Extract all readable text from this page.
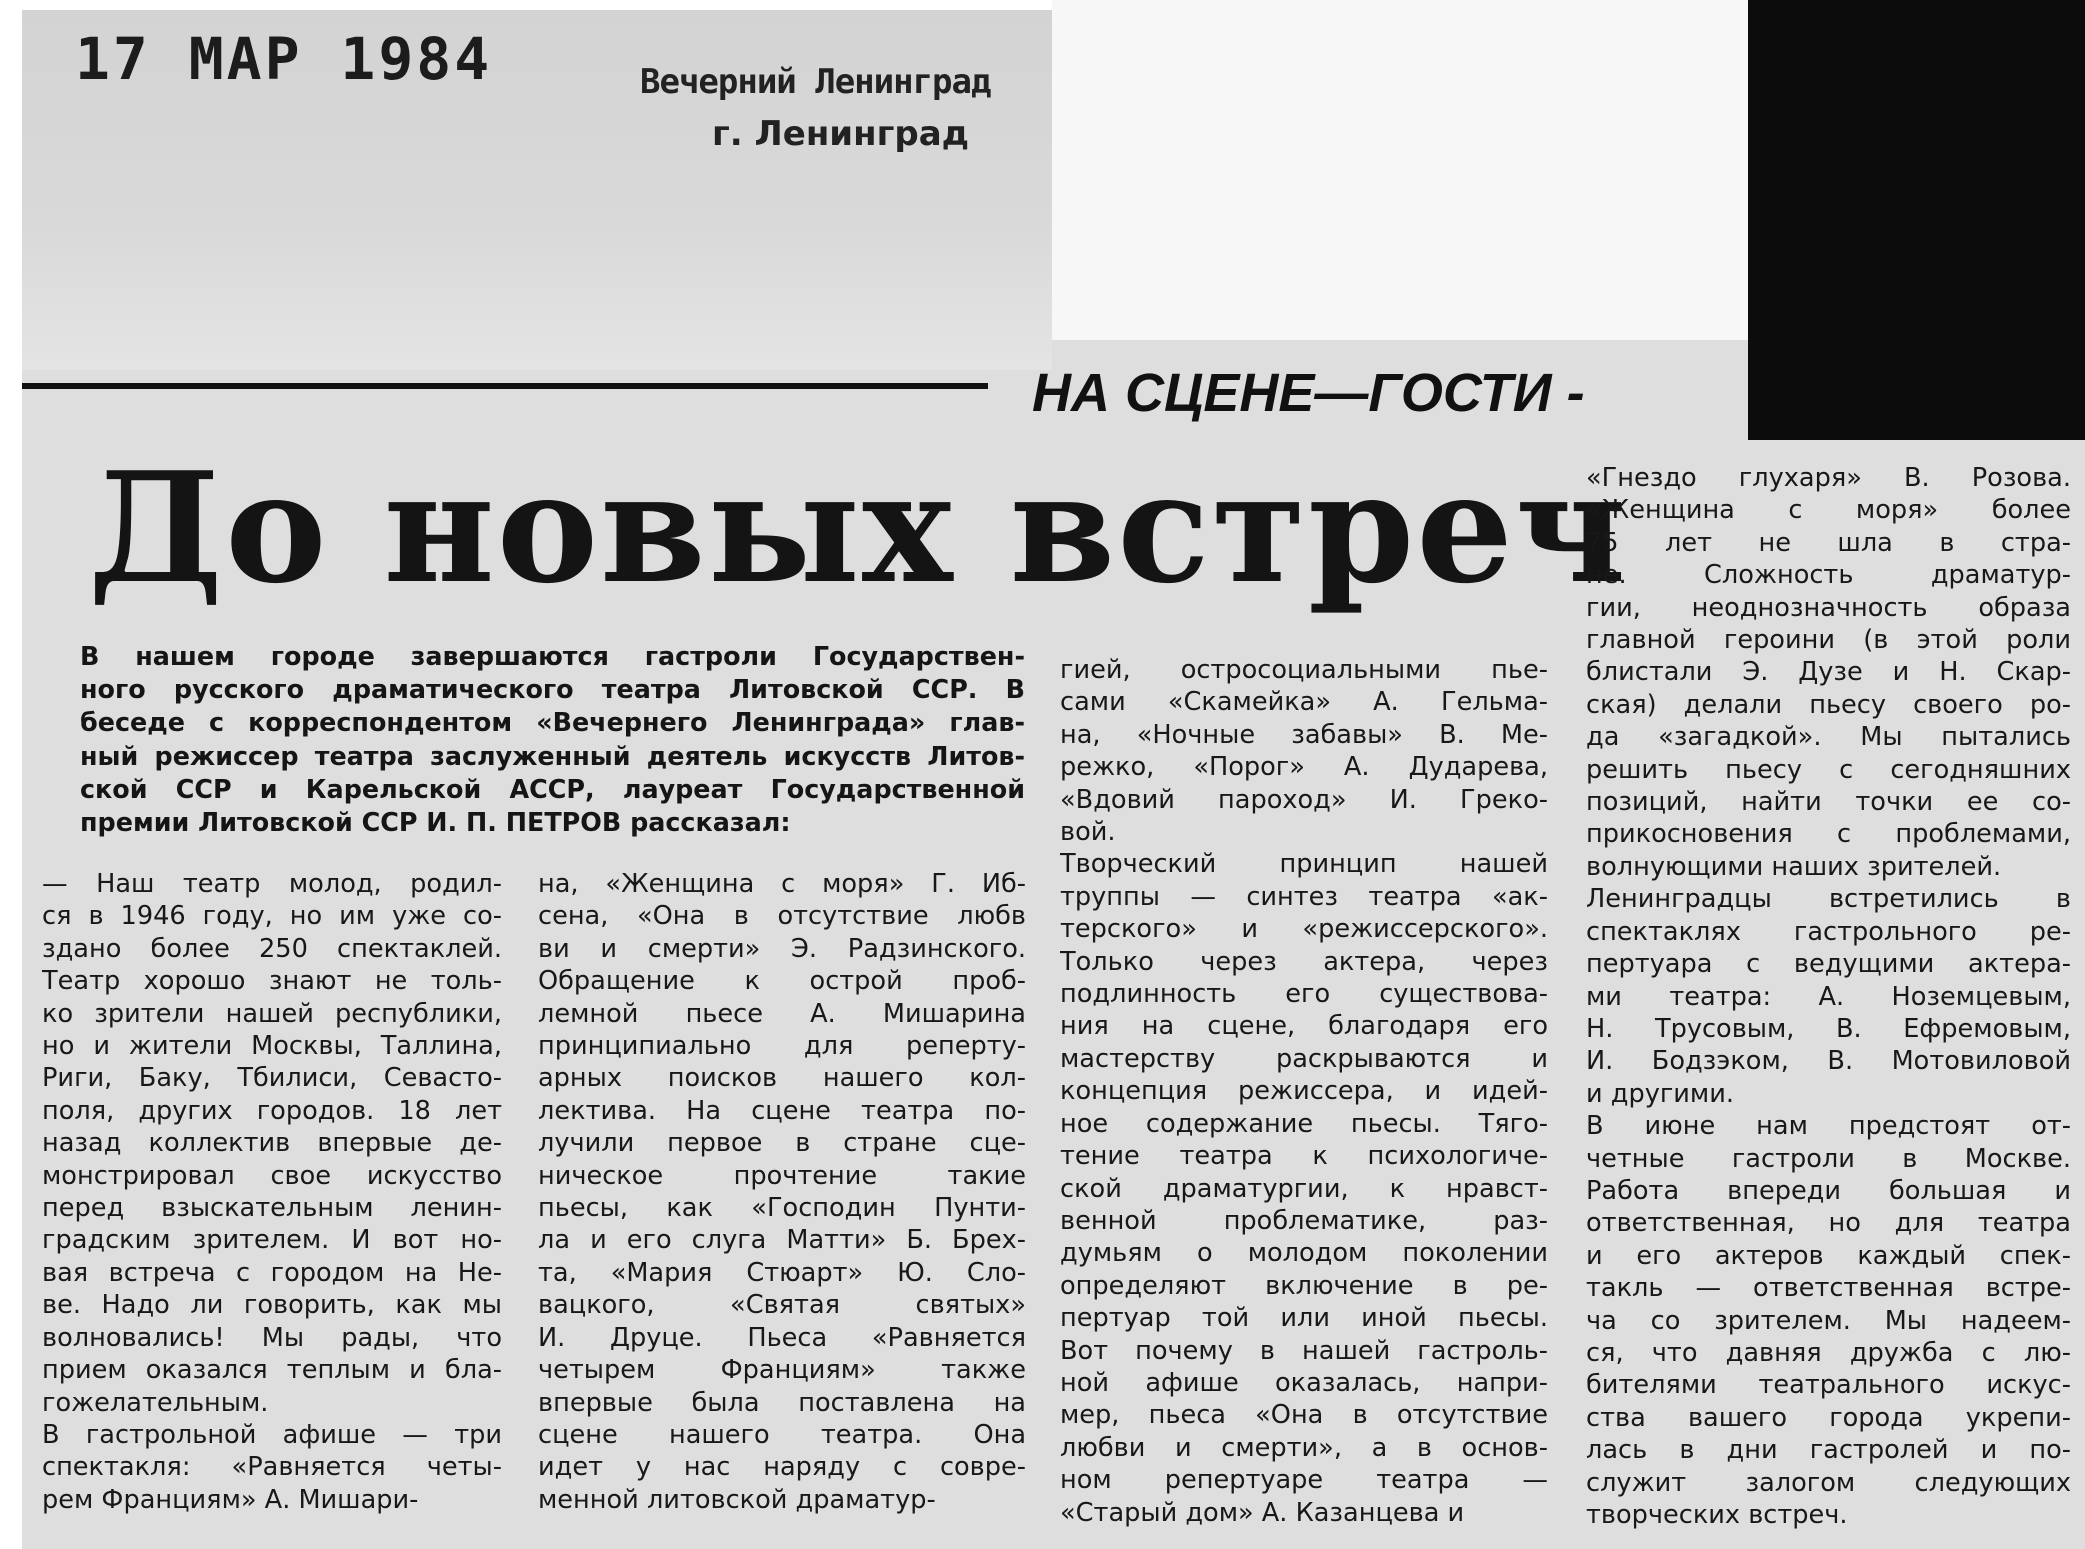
17 МАР 1984	Вечерний Ленинград
г. Ленинград
НА СЦЕНЕ—ГОСТИ -
До новых встреч

В нашем городе завершаются гастроли Государствен-

ного русского драматического театра Литовской ССР. В

беседе с корреспондентом «Вечернего Ленинграда» глав-

ный режиссер театра заслуженный деятель искусств Литов-

ской ССР и Карельской АССР, лауреат Государственной

премии Литовской ССР И. П. ПЕТРОВ рассказал:

— Наш театр молод, родил-

ся в 1946 году, но им уже со-

здано более 250 спектаклей.

Театр хорошо знают не толь-

ко зрители нашей республики,

но и жители Москвы, Таллина,

Риги, Баку, Тбилиси, Севасто-

поля, других городов. 18 лет

назад коллектив впервые де-

монстрировал свое искусство

перед взыскательным ленин-

градским зрителем. И вот но-

вая встреча с городом на Не-

ве. Надо ли говорить, как мы

волновались! Мы рады, что

прием оказался теплым и бла-

гожелательным.

В гастрольной афише — три

спектакля: «Равняется четы-

рем Франциям» А. Мишари-

на, «Женщина с моря» Г. Иб-

сена, «Она в отсутствие любв

ви и смерти» Э. Радзинского.

Обращение к острой проб-

лемной пьесе А. Мишарина

принципиально для реперту-

арных поисков нашего кол-

лектива. На сцене театра по-

лучили первое в стране сце-

ническое прочтение такие

пьесы, как «Господин Пунти-

ла и его слуга Матти» Б. Брех-

та, «Мария Стюарт» Ю. Сло-

вацкого, «Святая святых»

И. Друце. Пьеса «Равняется

четырем Франциям» также

впервые была поставлена на

сцене нашего театра. Она

идет у нас наряду с совре-

менной литовской драматур-

гией, остросоциальными пье-

сами «Скамейка» А. Гельма-

на, «Ночные забавы» В. Ме-

режко, «Порог» А. Дударева,

«Вдовий пароход» И. Греко-

вой.

Творческий принцип нашей

труппы — синтез театра «ак-

терского» и «режиссерского».

Только через актера, через

подлинность его существова-

ния на сцене, благодаря его

мастерству раскрываются и

концепция режиссера, и идей-

ное содержание пьесы. Тяго-

тение театра к психологиче-

ской драматургии, к нравст-

венной проблематике, раз-

думьям о молодом поколении

определяют включение в ре-

пертуар той или иной пьесы.

Вот почему в нашей гастроль-

ной афише оказалась, напри-

мер, пьеса «Она в отсутствие

любви и смерти», а в основ-

ном репертуаре театра —

«Старый дом» А. Казанцева и

«Гнездо глухаря» В. Розова.

«Женщина с моря» более

75 лет не шла в стра-

не. Сложность драматур-

гии, неоднозначность образа

главной героини (в этой роли

блистали Э. Дузе и Н. Скар-

ская) делали пьесу своего ро-

да «загадкой». Мы пытались

решить пьесу с сегодняшних

позиций, найти точки ее со-

прикосновения с проблемами,

волнующими наших зрителей.

Ленинградцы встретились в

спектаклях гастрольного ре-

пертуара с ведущими актера-

ми театра: А. Ноземцевым,

Н. Трусовым, В. Ефремовым,

И. Бодзэком, В. Мотовиловой

и другими.

В июне нам предстоят от-

четные гастроли в Москве.

Работа впереди большая и

ответственная, но для театра

и его актеров каждый спек-

такль — ответственная встре-

ча со зрителем. Мы надеем-

ся, что давняя дружба с лю-

бителями театрального искус-

ства вашего города укрепи-

лась в дни гастролей и по-

служит залогом следующих

творческих встреч.
